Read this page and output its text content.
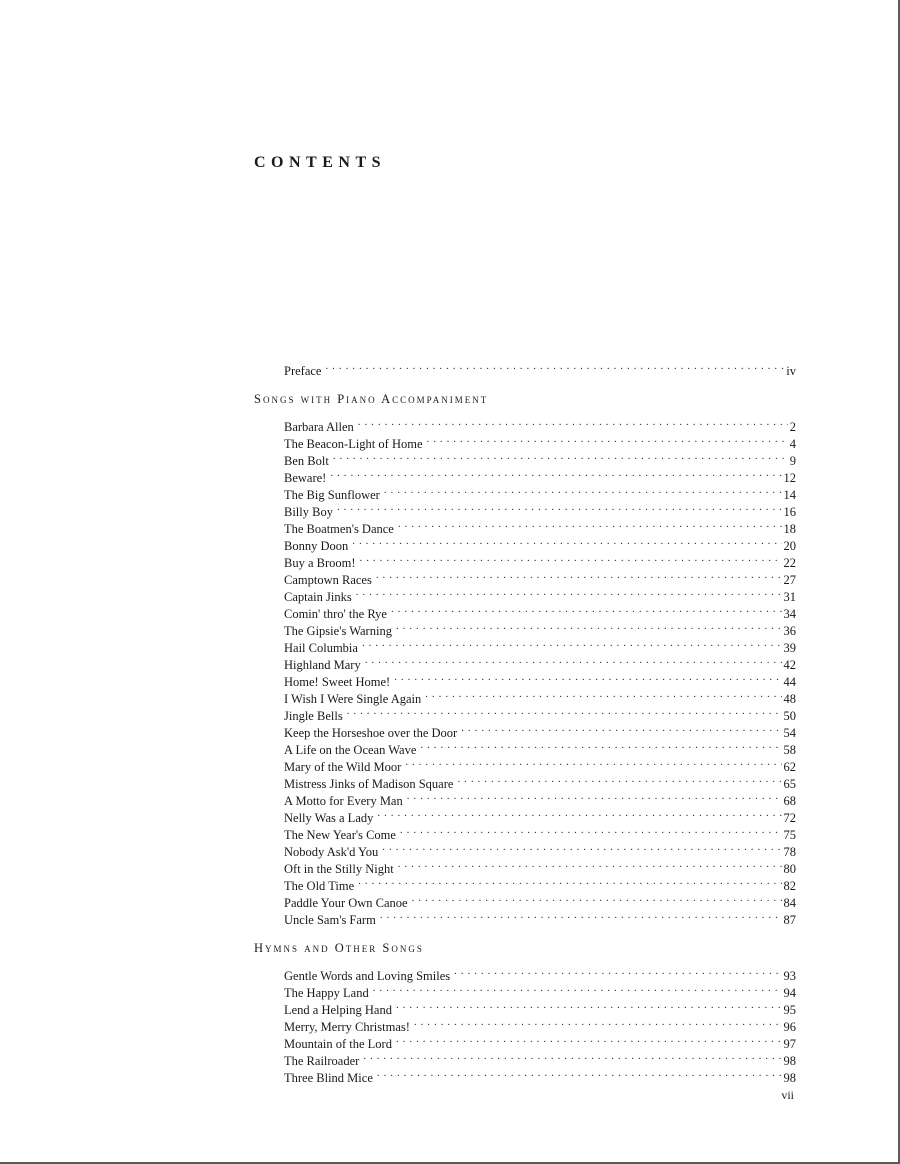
CONTENTS
Preface . . .	iv
Songs with Piano Accompaniment
Barbara Allen . . .	2
The Beacon-Light of Home . . .	4
Ben Bolt . . .	9
Beware! . . .	12
The Big Sunflower . . .	14
Billy Boy . . .	16
The Boatmen's Dance . . .	18
Bonny Doon . . .	20
Buy a Broom! . . .	22
Camptown Races . . .	27
Captain Jinks . . .	31
Comin' thro' the Rye . . .	34
The Gipsie's Warning . . .	36
Hail Columbia . . .	39
Highland Mary . . .	42
Home! Sweet Home! . . .	44
I Wish I Were Single Again . . .	48
Jingle Bells . . .	50
Keep the Horseshoe over the Door . . .	54
A Life on the Ocean Wave . . .	58
Mary of the Wild Moor . . .	62
Mistress Jinks of Madison Square . . .	65
A Motto for Every Man . . .	68
Nelly Was a Lady . . .	72
The New Year's Come . . .	75
Nobody Ask'd You . . .	78
Oft in the Stilly Night . . .	80
The Old Time . . .	82
Paddle Your Own Canoe . . .	84
Uncle Sam's Farm . . .	87
Hymns and Other Songs
Gentle Words and Loving Smiles . . .	93
The Happy Land . . .	94
Lend a Helping Hand . . .	95
Merry, Merry Christmas! . . .	96
Mountain of the Lord . . .	97
The Railroader . . .	98
Three Blind Mice . . .	98
vii
